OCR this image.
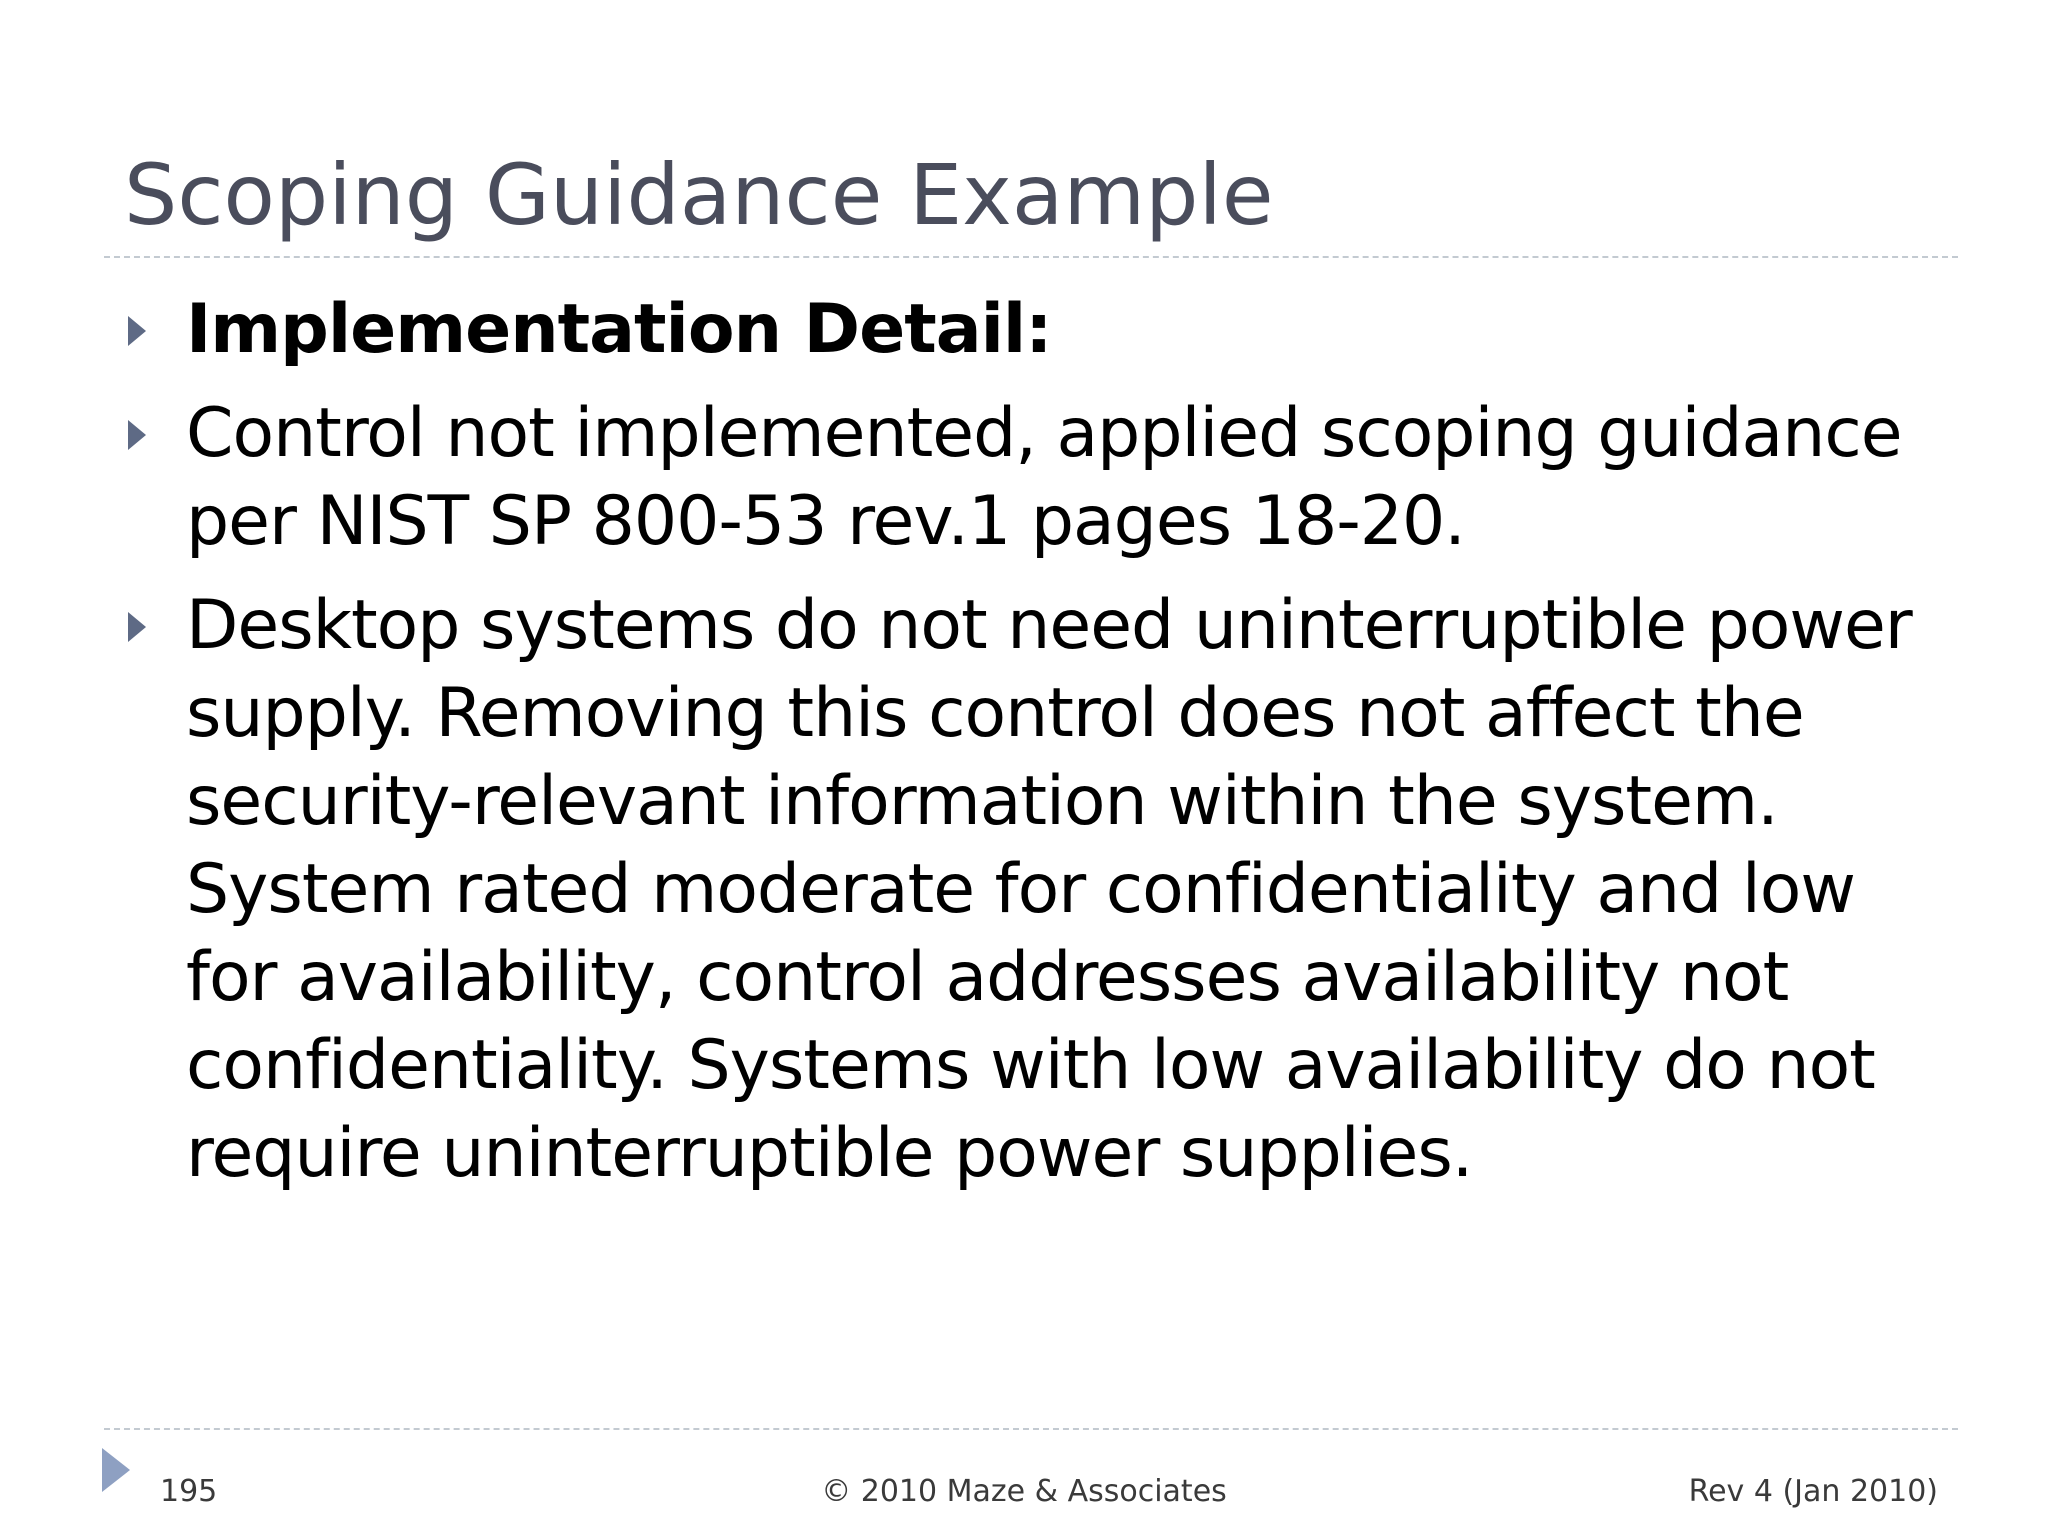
Scoping Guidance Example
Implementation Detail:
Control not implemented, applied scoping guidance per NIST SP 800-53 rev.1 pages 18-20.
Desktop systems do not need uninterruptible power supply. Removing this control does not affect the security-relevant information within the system. System rated moderate for confidentiality and low for availability, control addresses availability not confidentiality. Systems with low availability do not require uninterruptible power supplies.
195	© 2010 Maze & Associates	Rev 4 (Jan 2010)
